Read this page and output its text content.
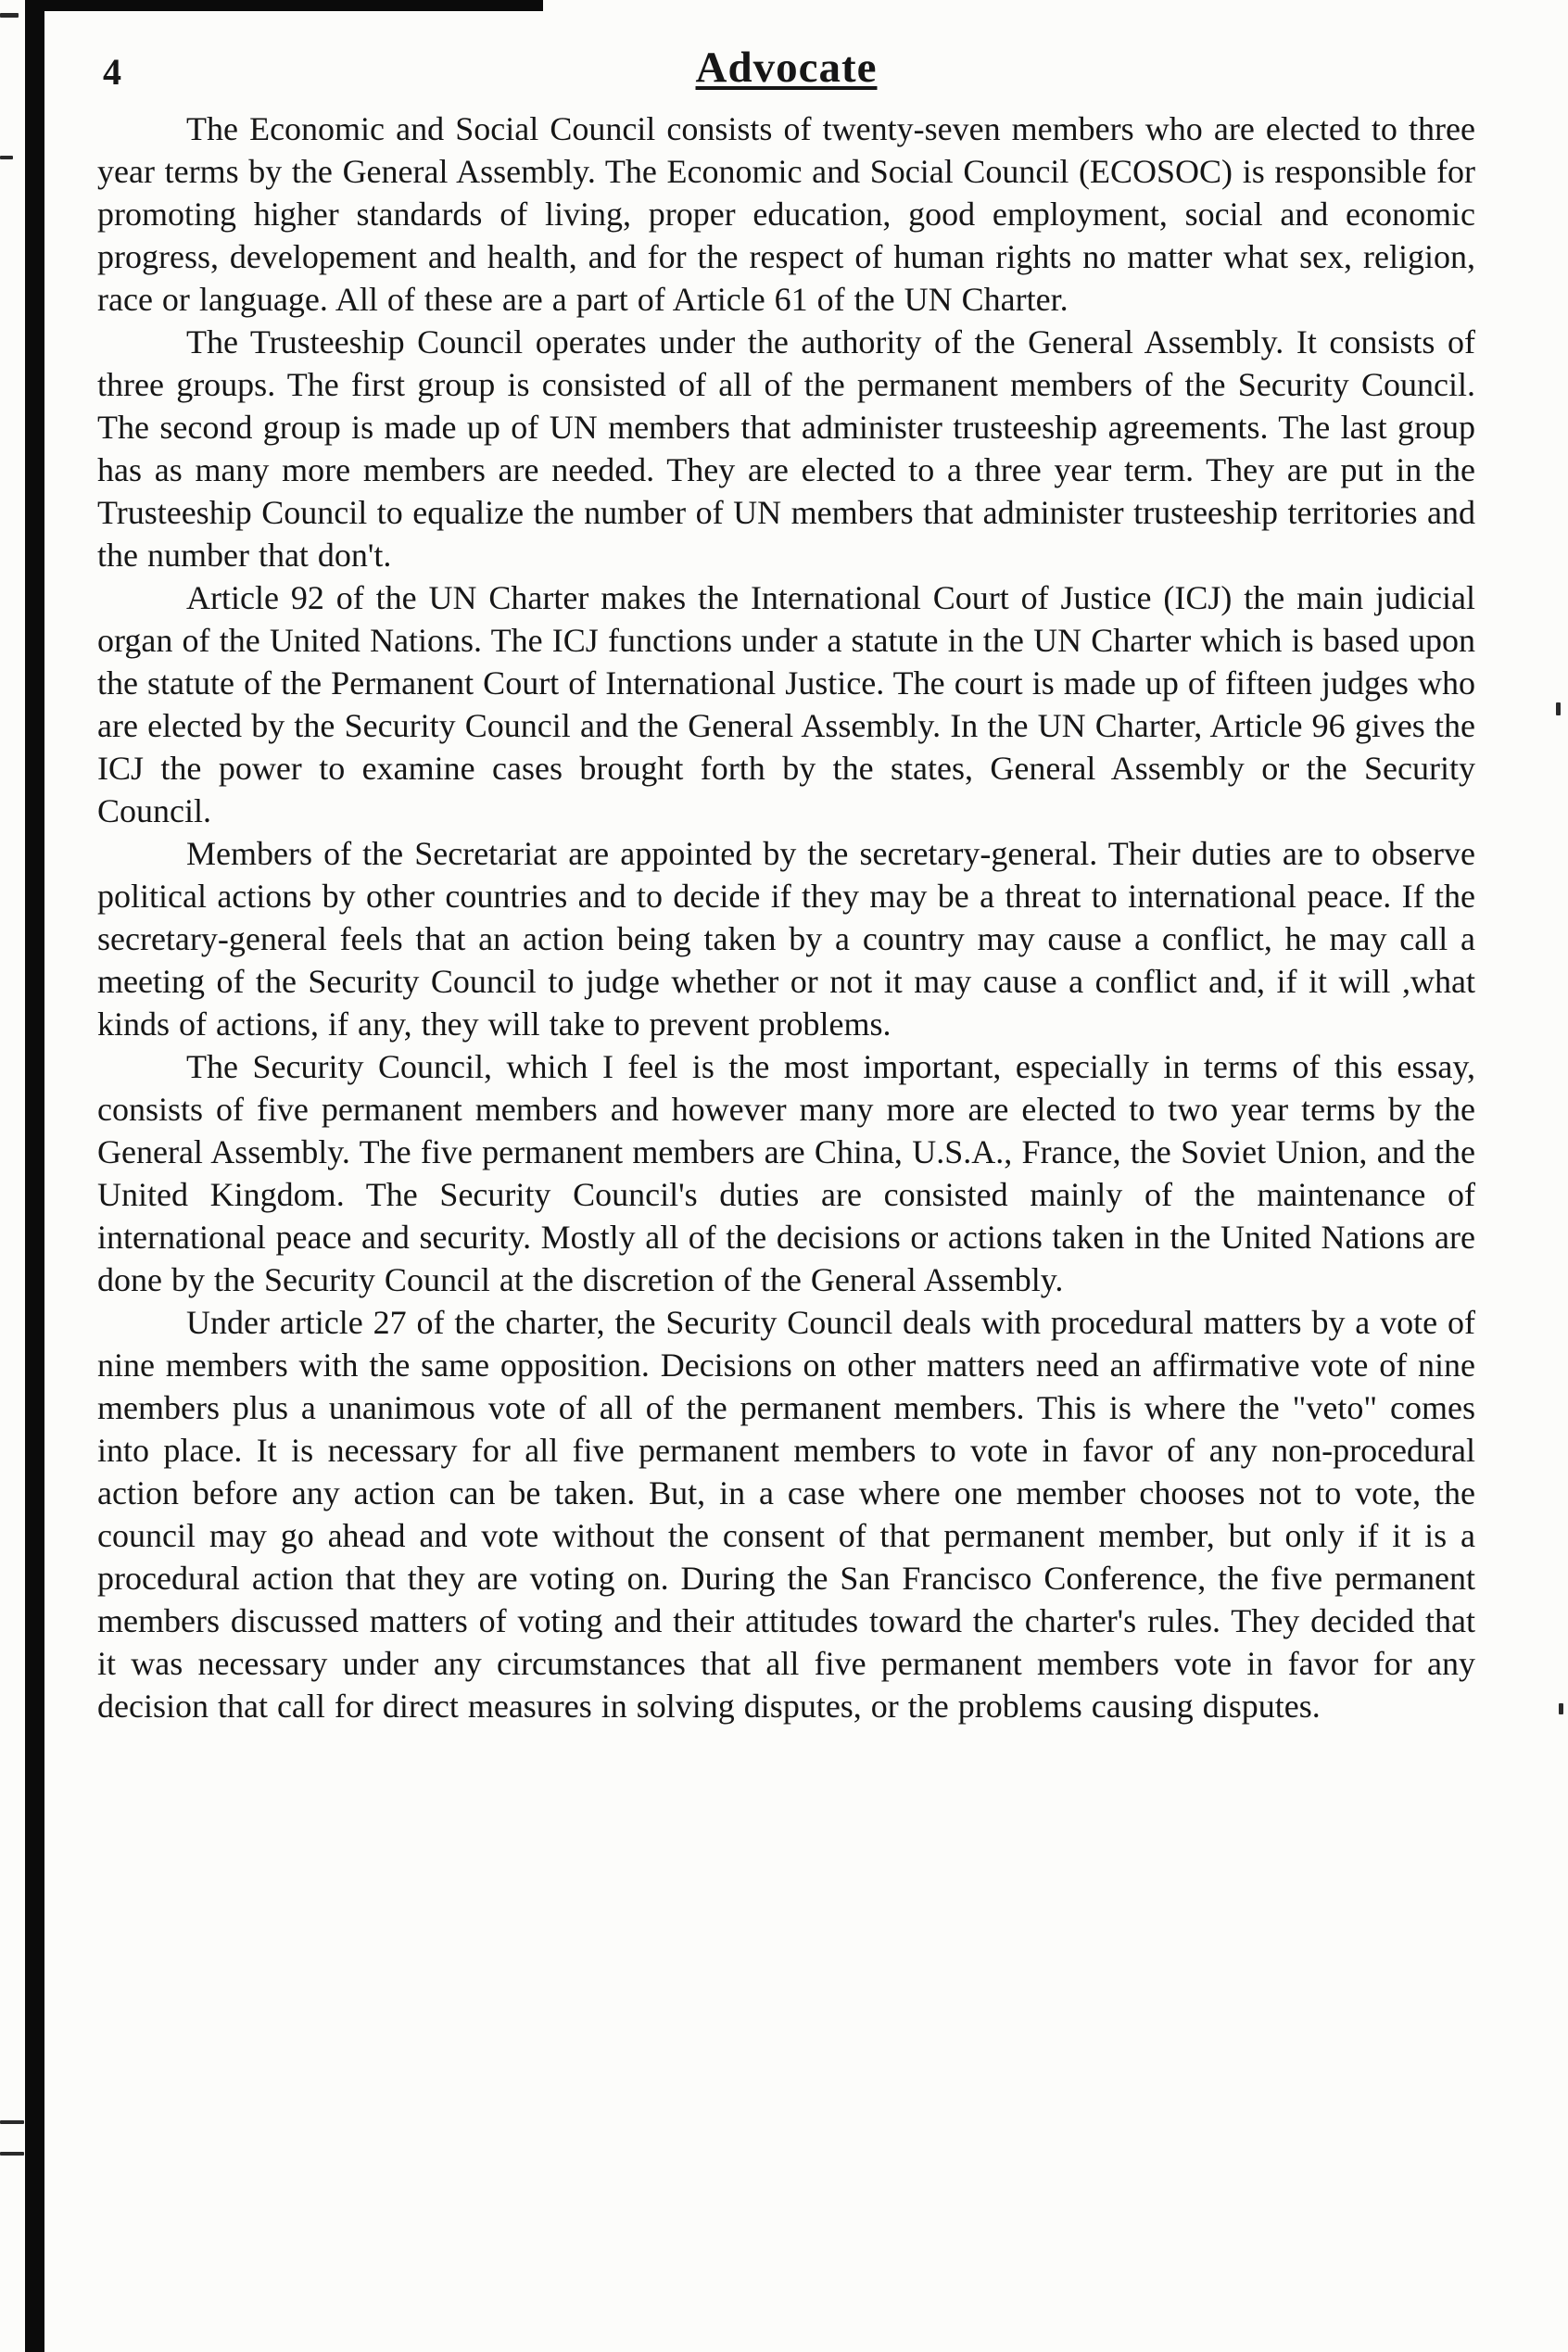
4	Advocate

The Economic and Social Council consists of twenty-seven members who are elected to three year terms by the General Assembly. The Economic and Social Council (ECOSOC) is responsible for promoting higher standards of living, proper education, good employment, social and economic progress, developement and health, and for the respect of human rights no matter what sex, religion, race or language. All of these are a part of Article 61 of the UN Charter.

The Trusteeship Council operates under the authority of the General Assembly. It consists of three groups. The first group is consisted of all of the permanent members of the Security Council. The second group is made up of UN members that administer trusteeship agreements. The last group has as many more members are needed. They are elected to a three year term. They are put in the Trusteeship Council to equalize the number of UN members that administer trusteeship territories and the number that don't.

Article 92 of the UN Charter makes the International Court of Justice (ICJ) the main judicial organ of the United Nations. The ICJ functions under a statute in the UN Charter which is based upon the statute of the Permanent Court of International Justice. The court is made up of fifteen judges who are elected by the Security Council and the General Assembly. In the UN Charter, Article 96 gives the ICJ the power to examine cases brought forth by the states, General Assembly or the Security Council.

Members of the Secretariat are appointed by the secretary-general. Their duties are to observe political actions by other countries and to decide if they may be a threat to international peace. If the secretary-general feels that an action being taken by a country may cause a conflict, he may call a meeting of the Security Council to judge whether or not it may cause a conflict and, if it will ,what kinds of actions, if any, they will take to prevent problems.

The Security Council, which I feel is the most important, especially in terms of this essay, consists of five permanent members and however many more are elected to two year terms by the General Assembly. The five permanent members are China, U.S.A., France, the Soviet Union, and the United Kingdom. The Security Council's duties are consisted mainly of the maintenance of international peace and security. Mostly all of the decisions or actions taken in the United Nations are done by the Security Council at the discretion of the General Assembly.

Under article 27 of the charter, the Security Council deals with procedural matters by a vote of nine members with the same opposition. Decisions on other matters need an affirmative vote of nine members plus a unanimous vote of all of the permanent members. This is where the "veto" comes into place. It is necessary for all five permanent members to vote in favor of any non-procedural action before any action can be taken. But, in a case where one member chooses not to vote, the council may go ahead and vote without the consent of that permanent member, but only if it is a procedural action that they are voting on. During the San Francisco Conference, the five permanent members discussed matters of voting and their attitudes toward the charter's rules. They decided that it was necessary under any circumstances that all five permanent members vote in favor for any decision that call for direct measures in solving disputes, or the problems causing disputes.
